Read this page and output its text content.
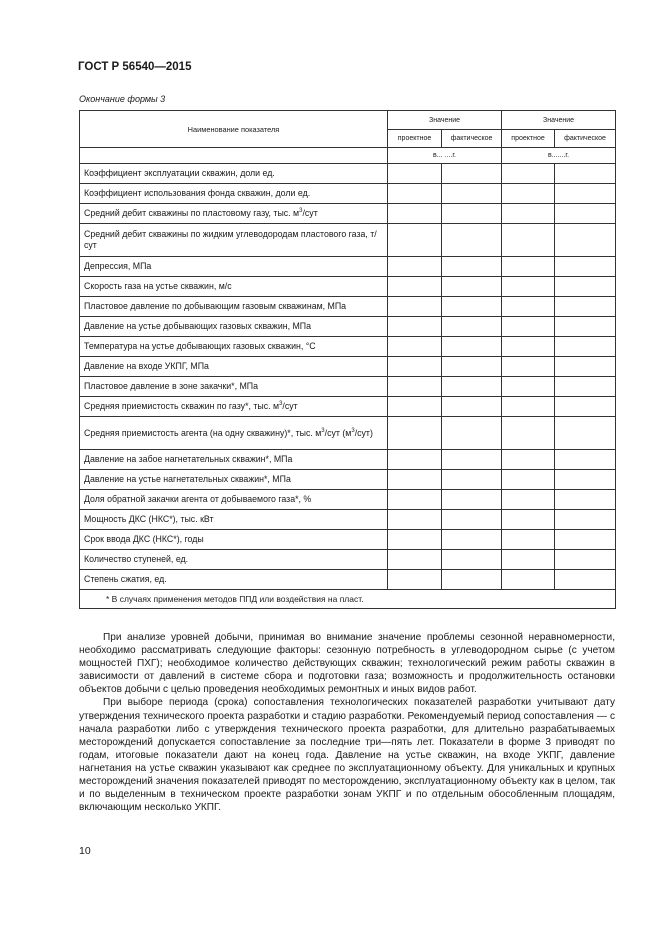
ГОСТ Р 56540—2015
Окончание формы 3
Наименование показателя	Значение		Значение	
	проектное	фактическое	проектное	фактическое
	в... ....г.		в.......г.	
Коэффициент эксплуатации скважин, доли ед.				
Коэффициент использования фонда скважин, доли ед.				
Средний дебит скважины по пластовому газу, тыс. $м^3$/сут				
Средний дебит скважины по жидким углеводородам пластового газа, т/сут				
Депрессия, МПа				
Скорость газа на устье скважин, м/с				
Пластовое давление по добывающим газовым скважинам, МПа				
Давление на устье добывающих газовых скважин, МПа				
Температура на устье добывающих газовых скважин, °С				
Давление на входе УКПГ, МПа				
Пластовое давление в зоне закачки*, МПа				
Средняя приемистость скважин по газу*, тыс. $м^3$/сут				
Средняя приемистость агента (на одну скважину)*, тыс. $м^3$/сут $(м^3/сут)$				
Давление на забое нагнетательных скважин*, МПа				
Давление на устье нагнетательных скважин*, МПа				
Доля обратной закачки агента от добываемого газа*, %				
Мощность ДКС (НКС*), тыс. кВт				
Срок ввода ДКС (НКС*), годы				
Количество ступеней, ед.				
Степень сжатия, ед.				
* В случаях применения методов ППД или воздействия на пласт.				

При анализе уровней добычи, принимая во внимание значение проблемы сезонной неравномерности, необходимо рассматривать следующие факторы: сезонную потребность в углеводородном сырье (с учетом мощностей ПХГ); необходимое количество действующих скважин; технологический режим работы скважин в зависимости от давлений в системе сбора и подготовки газа; возможность и продолжительность остановки объектов добычи с целью проведения необходимых ремонтных и иных видов работ.

При выборе периода (срока) сопоставления технологических показателей разработки учитывают дату утверждения технического проекта разработки и стадию разработки. Рекомендуемый период сопоставления — с начала разработки либо с утверждения технического проекта разработки, для длительно разрабатываемых месторождений допускается сопоставление за последние три—пять лет. Показатели в форме 3 приводят по годам, итоговые показатели дают на конец года. Давление на устье скважин, на входе УКПГ, давление нагнетания на устье скважин указывают как среднее по эксплуатационному объекту. Для уникальных и крупных месторождений значения показателей приводят по месторождению, эксплуатационному объекту как в целом, так и по выделенным в техническом проекте разработки зонам УКПГ и по отдельным обособленным площадям, включающим несколько УКПГ.

10
